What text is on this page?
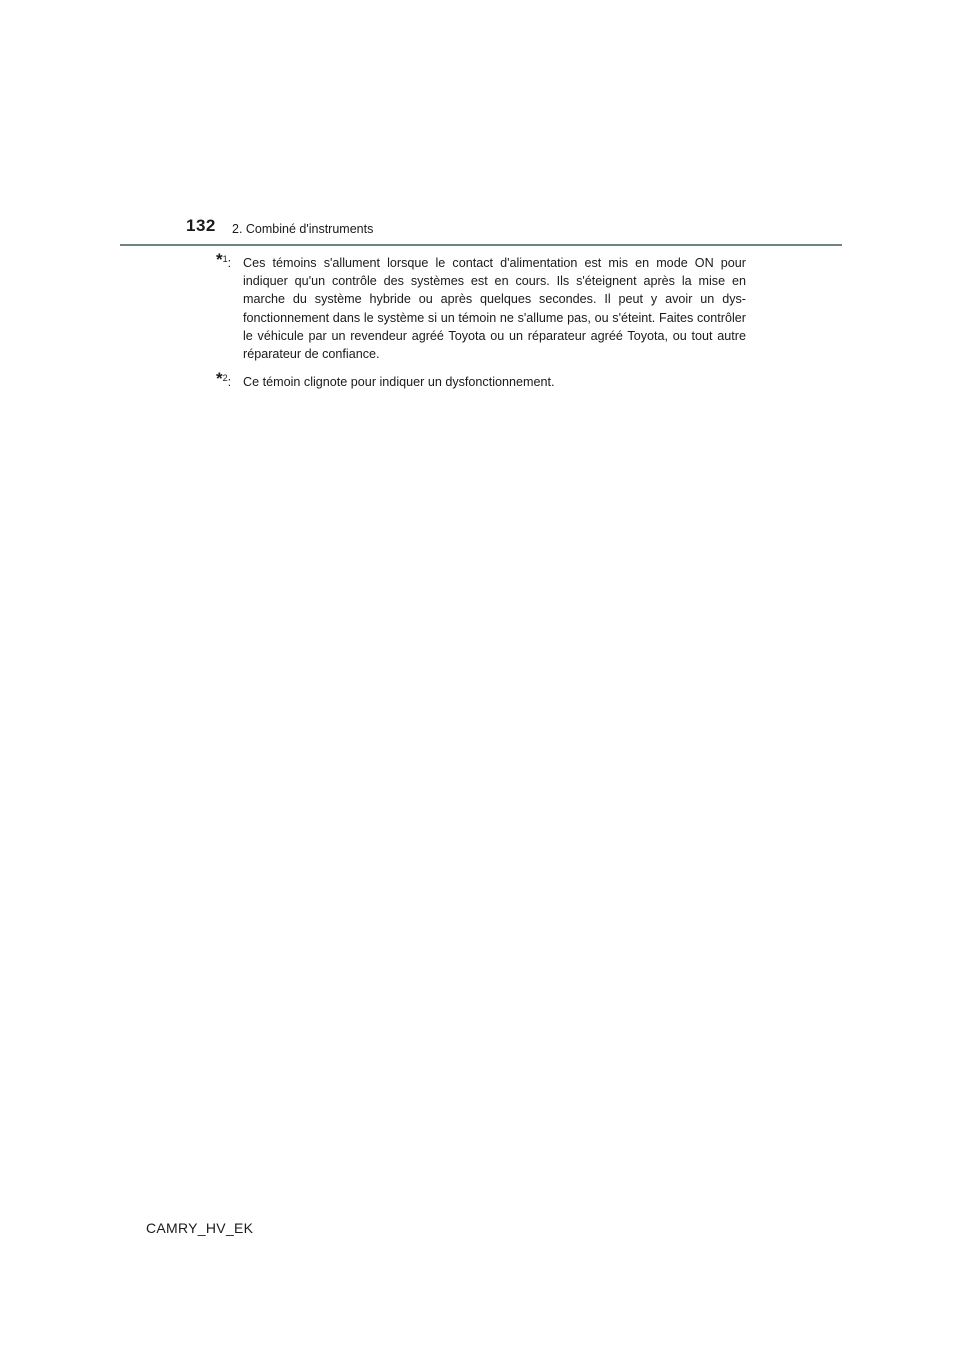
132 2. Combiné d'instruments
*$^1$: Ces témoins s'allument lorsque le contact d'alimentation est mis en mode ON pour indiquer qu'un contrôle des systèmes est en cours. Ils s'éteignent après la mise en marche du système hybride ou après quelques secondes. Il peut y avoir un dys-fonctionnement dans le système si un témoin ne s'allume pas, ou s'éteint. Faites contrôler le véhicule par un revendeur agréé Toyota ou un réparateur agréé Toyota, ou tout autre réparateur de confiance.
*$^2$: Ce témoin clignote pour indiquer un dysfonctionnement.
CAMRY_HV_EK
